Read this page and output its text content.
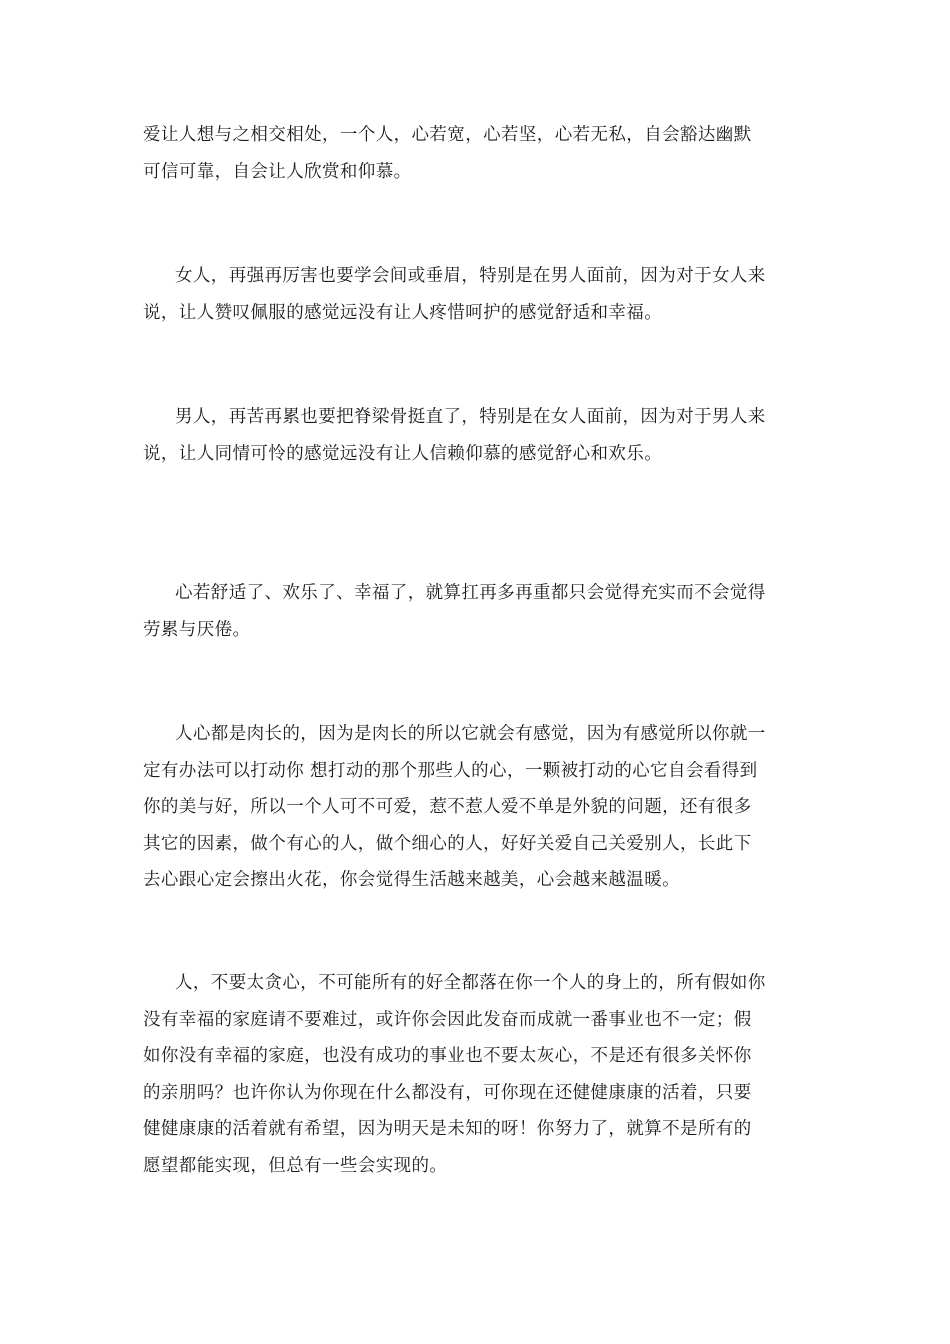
爱让人想与之相交相处，一个人，心若宽，心若坚，心若无私，自会豁达幽默
可信可靠，自会让人欣赏和仰慕。

女人，再强再厉害也要学会间或垂眉，特别是在男人面前，因为对于女人来
说，让人赞叹佩服的感觉远没有让人疼惜呵护的感觉舒适和幸福。

男人，再苦再累也要把脊梁骨挺直了，特别是在女人面前，因为对于男人来
说，让人同情可怜的感觉远没有让人信赖仰慕的感觉舒心和欢乐。

心若舒适了、欢乐了、幸福了，就算扛再多再重都只会觉得充实而不会觉得
劳累与厌倦。

人心都是肉长的，因为是肉长的所以它就会有感觉，因为有感觉所以你就一
定有办法可以打动你 想打动的那个那些人的心，一颗被打动的心它自会看得到
你的美与好，所以一个人可不可爱，惹不惹人爱不单是外貌的问题，还有很多
其它的因素，做个有心的人，做个细心的人，好好关爱自己关爱别人，长此下
去心跟心定会擦出火花，你会觉得生活越来越美，心会越来越温暖。

人，不要太贪心，不可能所有的好全都落在你一个人的身上的，所有假如你
没有幸福的家庭请不要难过，或许你会因此发奋而成就一番事业也不一定；假
如你没有幸福的家庭，也没有成功的事业也不要太灰心，不是还有很多关怀你
的亲朋吗？也许你认为你现在什么都没有，可你现在还健健康康的活着，只要
健健康康的活着就有希望，因为明天是未知的呀！你努力了，就算不是所有的
愿望都能实现，但总有一些会实现的。
